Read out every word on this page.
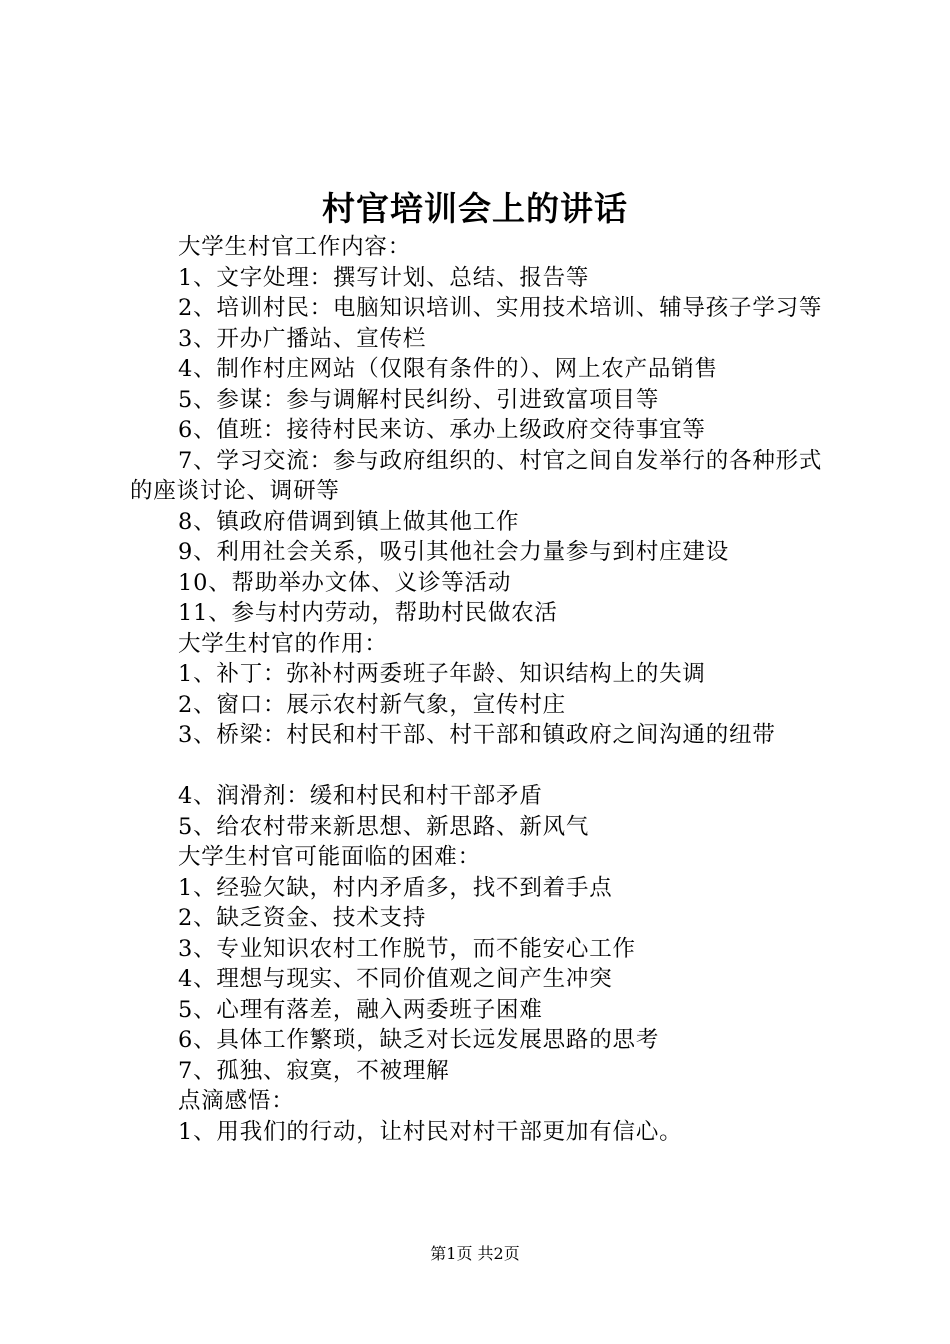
村官培训会上的讲话

大学生村官工作内容：

1、文字处理：撰写计划、总结、报告等

2、培训村民：电脑知识培训、实用技术培训、辅导孩子学习等

3、开办广播站、宣传栏

4、制作村庄网站（仅限有条件的）、网上农产品销售

5、参谋：参与调解村民纠纷、引进致富项目等

6、值班：接待村民来访、承办上级政府交待事宜等

7、学习交流：参与政府组织的、村官之间自发举行的各种形式的座谈讨论、调研等

8、镇政府借调到镇上做其他工作

9、利用社会关系，吸引其他社会力量参与到村庄建设

10、帮助举办文体、义诊等活动

11、参与村内劳动，帮助村民做农活

大学生村官的作用：

1、补丁：弥补村两委班子年龄、知识结构上的失调

2、窗口：展示农村新气象，宣传村庄

3、桥梁：村民和村干部、村干部和镇政府之间沟通的纽带

4、润滑剂：缓和村民和村干部矛盾

5、给农村带来新思想、新思路、新风气

大学生村官可能面临的困难：

1、经验欠缺，村内矛盾多，找不到着手点

2、缺乏资金、技术支持

3、专业知识农村工作脱节，而不能安心工作

4、理想与现实、不同价值观之间产生冲突

5、心理有落差，融入两委班子困难

6、具体工作繁琐，缺乏对长远发展思路的思考

7、孤独、寂寞，不被理解

点滴感悟：

1、用我们的行动，让村民对村干部更加有信心。

第1页 共2页
